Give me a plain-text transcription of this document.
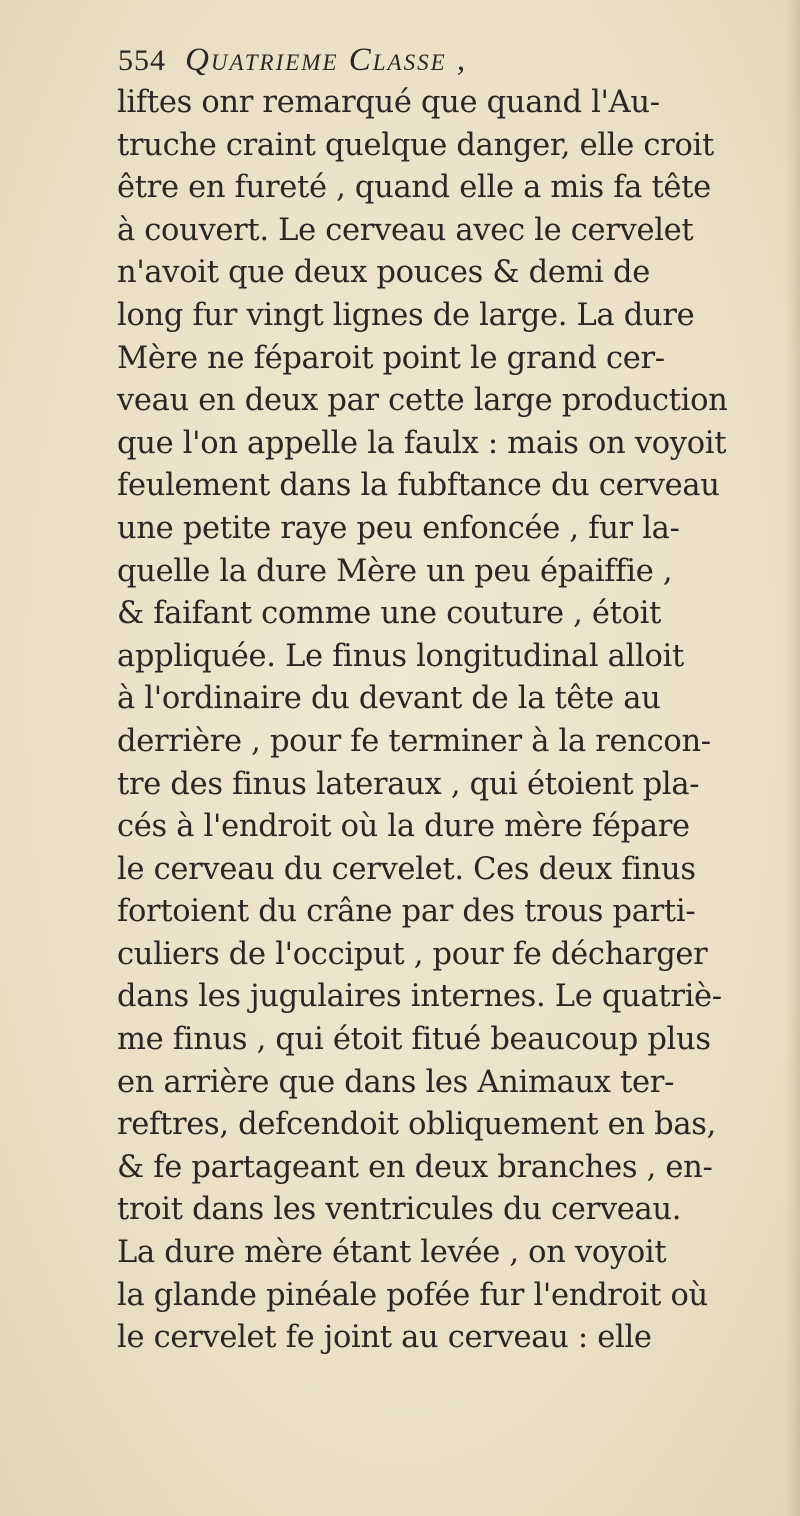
554 Quatrieme Classe ,
liftes onr remarqué que quand l'Au-
truche craint quelque danger, elle croit
être en fureté , quand elle a mis fa tête
à couvert. Le cerveau avec le cervelet
n'avoit que deux pouces & demi de
long fur vingt lignes de large. La dure
Mère ne féparoit point le grand cer-
veau en deux par cette large production
que l'on appelle la faulx : mais on voyoit
feulement dans la fubftance du cerveau
une petite raye peu enfoncée , fur la-
quelle la dure Mère un peu épaiffie ,
& faifant comme une couture , étoit
appliquée. Le finus longitudinal alloit
à l'ordinaire du devant de la tête au
derrière , pour fe terminer à la rencon-
tre des finus lateraux , qui étoient pla-
cés à l'endroit où la dure mère fépare
le cerveau du cervelet. Ces deux finus
fortoient du crâne par des trous parti-
culiers de l'occiput , pour fe décharger
dans les jugulaires internes. Le quatriè-
me finus , qui étoit fitué beaucoup plus
en arrière que dans les Animaux ter-
reftres, defcendoit obliquement en bas,
& fe partageant en deux branches , en-
troit dans les ventricules du cerveau.
La dure mère étant levée , on voyoit
la glande pinéale pofée fur l'endroit où
le cervelet fe joint au cerveau : elle
